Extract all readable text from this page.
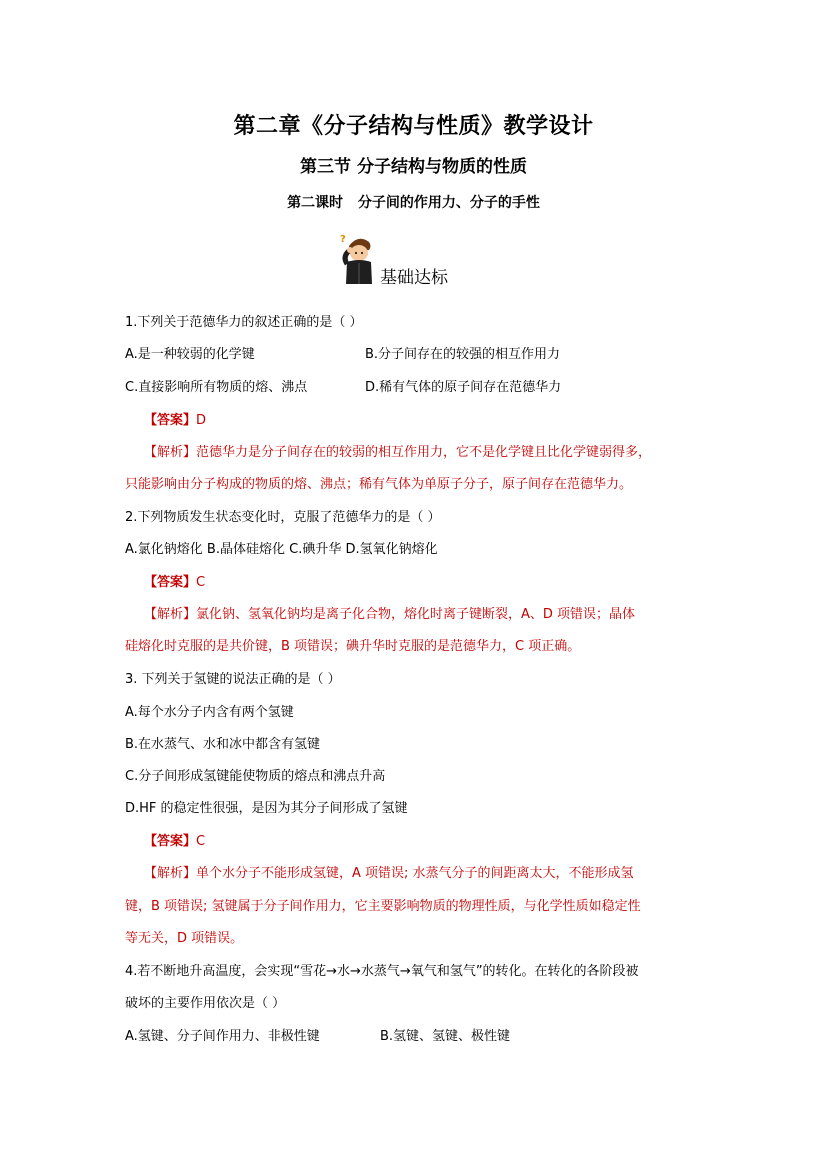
第二章《分子结构与性质》教学设计
第三节 分子结构与物质的性质
第二课时 分子间的作用力、分子的手性
?
基础达标
1.下列关于范德华力的叙述正确的是（ ）
A.是一种较弱的化学键	B.分子间存在的较强的相互作用力
C.直接影响所有物质的熔、沸点	D.稀有气体的原子间存在范德华力
【答案】D
【解析】范德华力是分子间存在的较弱的相互作用力，它不是化学键且比化学键弱得多，
只能影响由分子构成的物质的熔、沸点；稀有气体为单原子分子，原子间存在范德华力。
2.下列物质发生状态变化时，克服了范德华力的是（ ）
A.氯化钠熔化 B.晶体硅熔化 C.碘升华 D.氢氧化钠熔化
【答案】C
【解析】氯化钠、氢氧化钠均是离子化合物，熔化时离子键断裂，A、D 项错误；晶体
硅熔化时克服的是共价键，B 项错误；碘升华时克服的是范德华力，C 项正确。
3. 下列关于氢键的说法正确的是（ ）
A.每个水分子内含有两个氢键
B.在水蒸气、水和冰中都含有氢键
C.分子间形成氢键能使物质的熔点和沸点升高
D.HF 的稳定性很强，是因为其分子间形成了氢键
【答案】C
【解析】单个水分子不能形成氢键，A 项错误; 水蒸气分子的间距离太大，不能形成氢
键，B 项错误; 氢键属于分子间作用力，它主要影响物质的物理性质，与化学性质如稳定性
等无关，D 项错误。
4.若不断地升高温度，会实现“雪花→水→水蒸气→氧气和氢气”的转化。在转化的各阶段被
破坏的主要作用依次是（ ）
A.氢键、分子间作用力、非极性键	B.氢键、氢键、极性键
